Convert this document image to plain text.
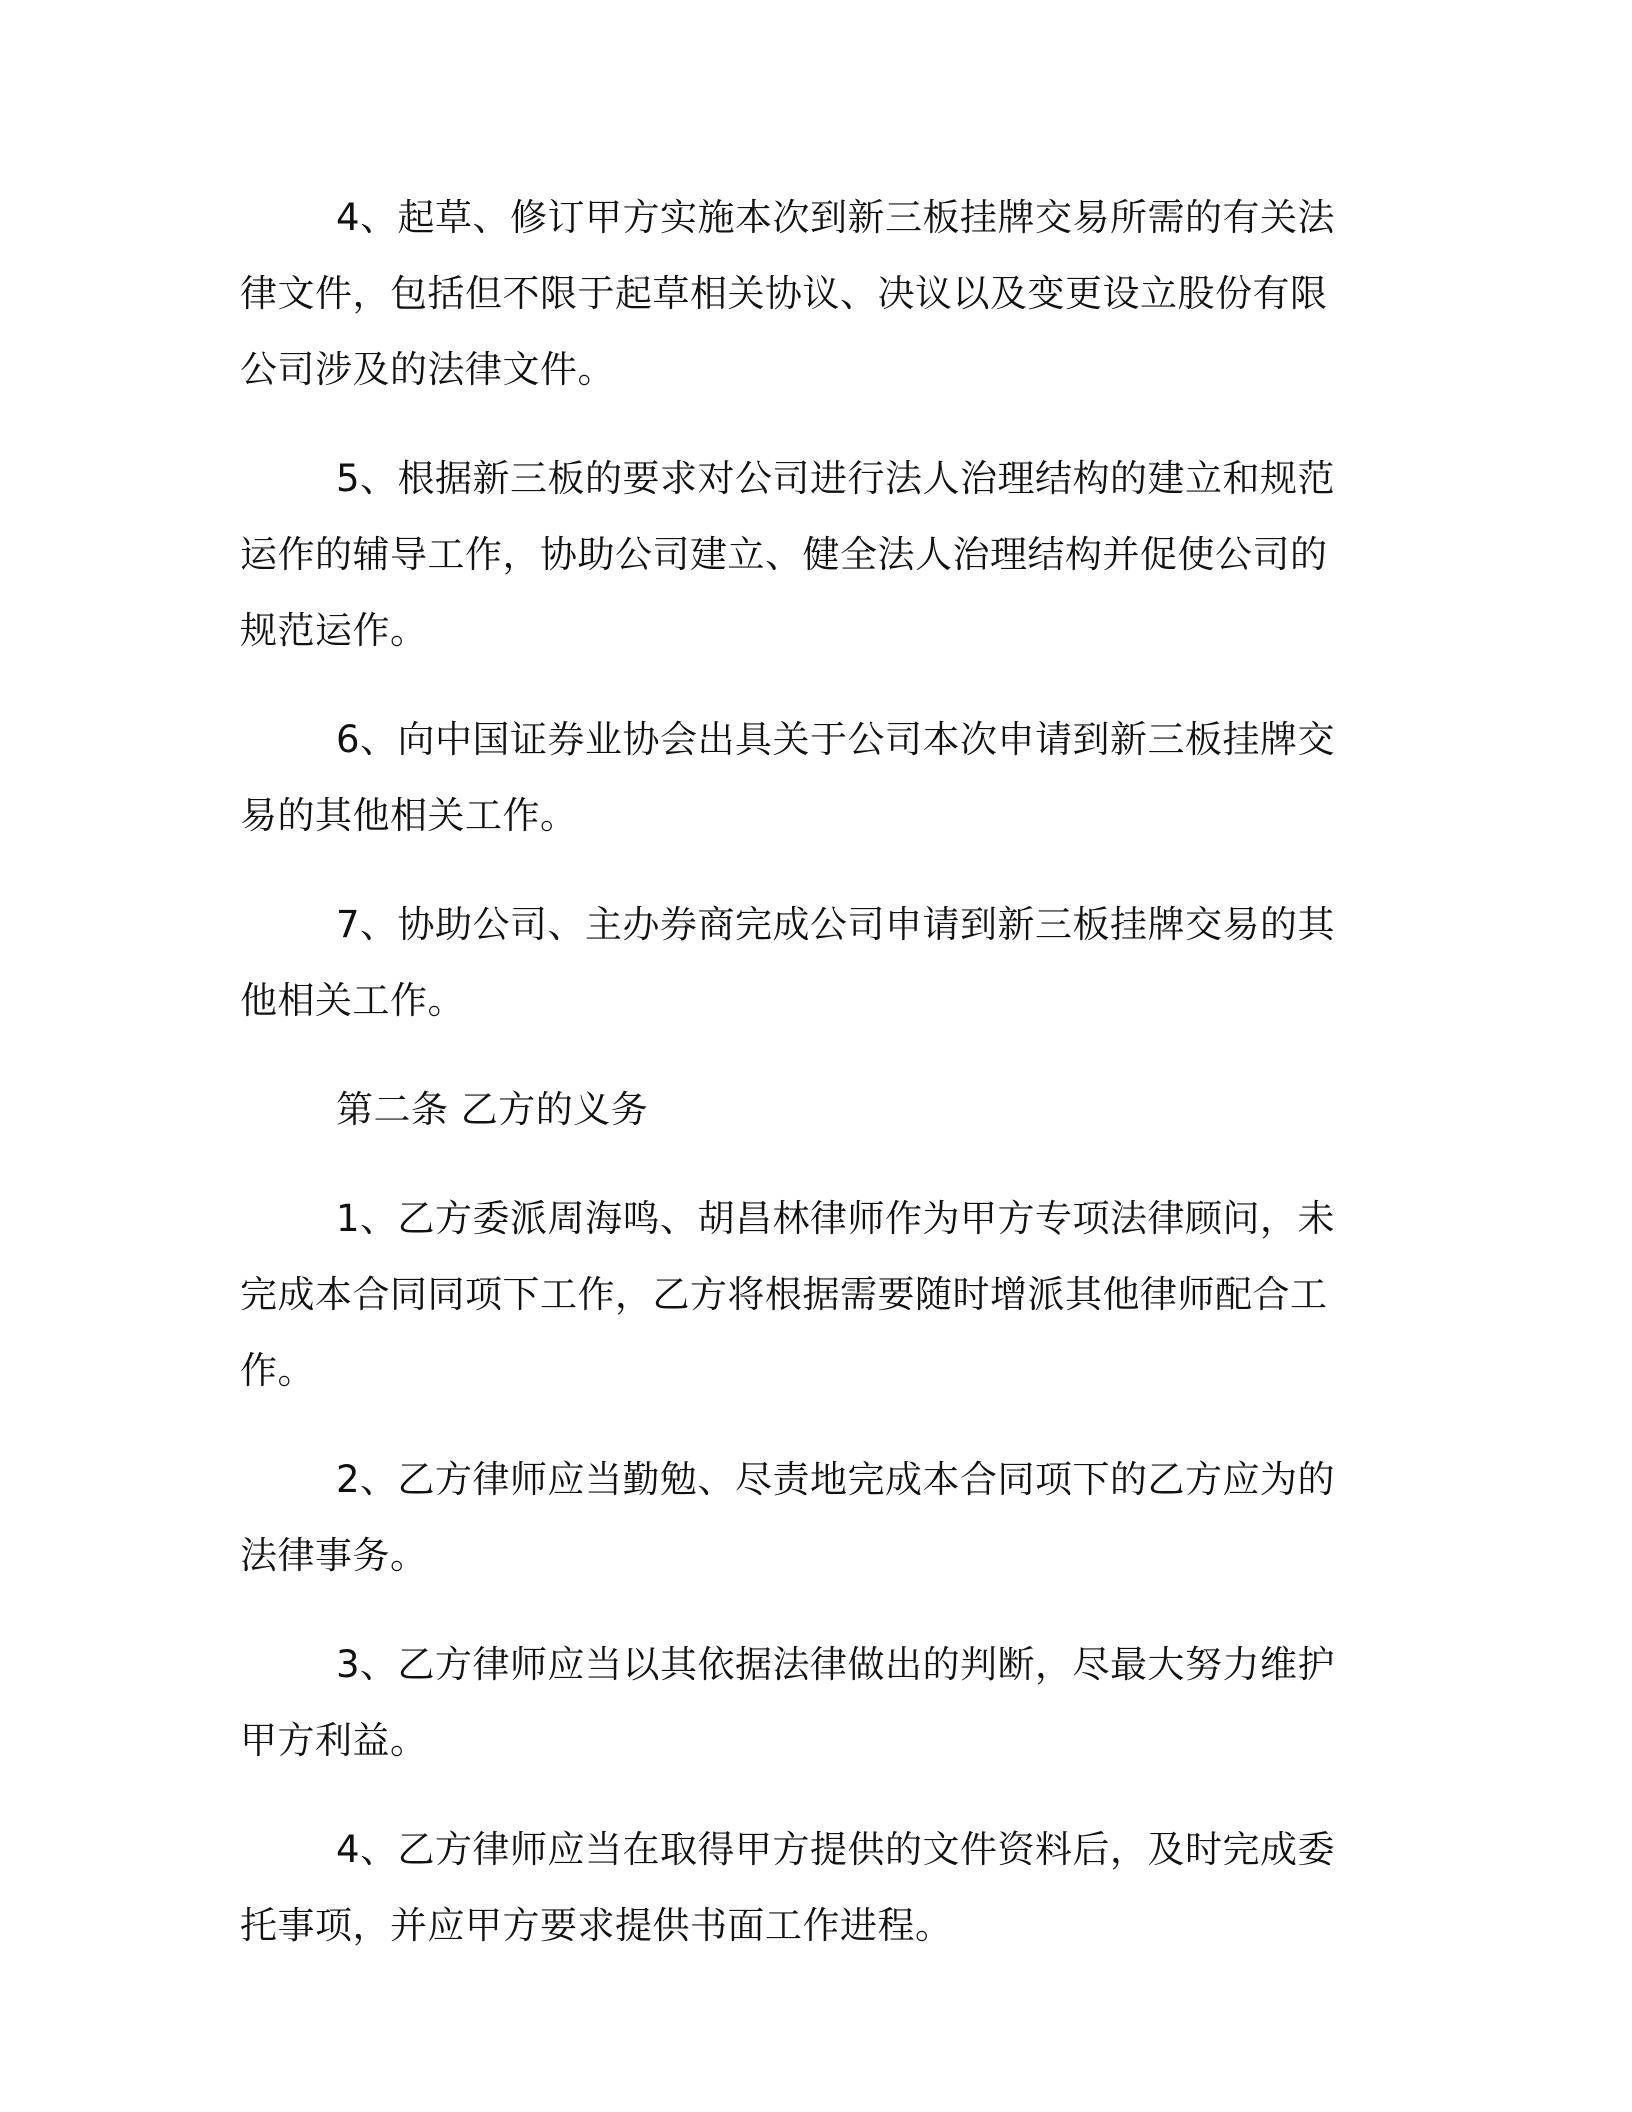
4、起草、修订甲方实施本次到新三板挂牌交易所需的有关法律文件，包括但不限于起草相关协议、决议以及变更设立股份有限公司涉及的法律文件。

5、根据新三板的要求对公司进行法人治理结构的建立和规范运作的辅导工作，协助公司建立、健全法人治理结构并促使公司的规范运作。

6、向中国证券业协会出具关于公司本次申请到新三板挂牌交易的其他相关工作。

7、协助公司、主办券商完成公司申请到新三板挂牌交易的其他相关工作。

第二条 乙方的义务

1、乙方委派周海鸣、胡昌林律师作为甲方专项法律顾问，未完成本合同同项下工作，乙方将根据需要随时增派其他律师配合工作。

2、乙方律师应当勤勉、尽责地完成本合同项下的乙方应为的法律事务。

3、乙方律师应当以其依据法律做出的判断，尽最大努力维护甲方利益。

4、乙方律师应当在取得甲方提供的文件资料后，及时完成委托事项，并应甲方要求提供书面工作进程。
